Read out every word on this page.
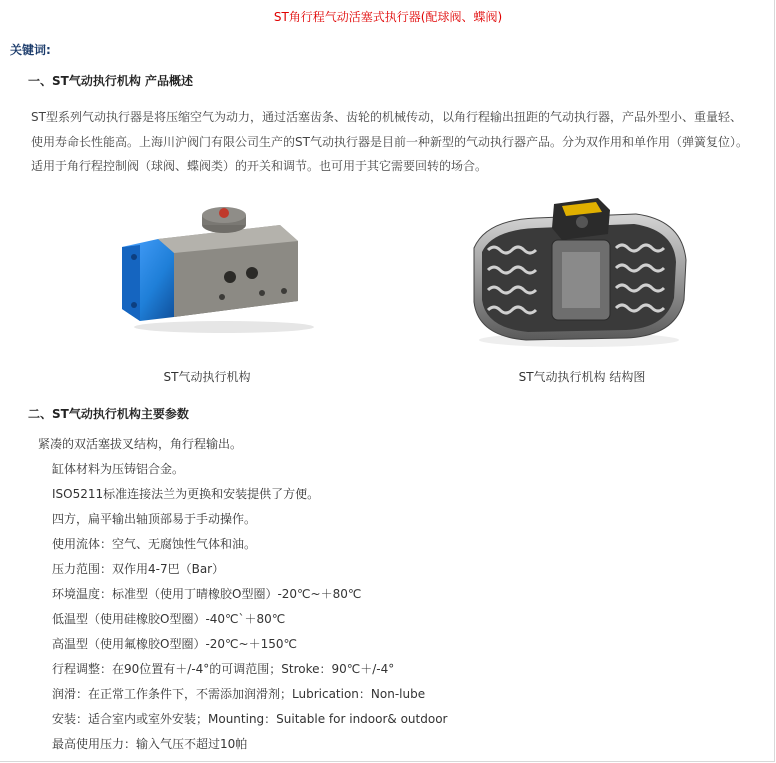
ST角行程气动活塞式执行器(配球阀、蝶阀)
关键词:
一、ST气动执行机构 产品概述
ST型系列气动执行器是将压缩空气为动力，通过活塞齿条、齿轮的机械传动，以角行程输出扭距的气动执行器，产品外型小、重量轻、使用寿命长性能高。上海川沪阀门有限公司生产的ST气动执行器是目前一种新型的气动执行器产品。分为双作用和单作用（弹簧复位）。适用于角行程控制阀（球阀、蝶阀类）的开关和调节。也可用于其它需要回转的场合。
ST气动执行机构	ST气动执行机构 结构图
二、ST气动执行机构主要参数
紧凑的双活塞拔叉结构，角行程输出。
缸体材料为压铸铝合金。
ISO5211标准连接法兰为更换和安装提供了方便。
四方，扁平输出轴顶部易于手动操作。
使用流体：空气、无腐蚀性气体和油。
压力范围：双作用4-7巴（Bar）
环境温度：标准型（使用丁晴橡胶O型圈）-20℃~＋80℃
低温型（使用硅橡胶O型圈）-40℃`＋80℃
高温型（使用氟橡胶O型圈）-20℃~＋150℃
行程调整：在90位置有＋/-4°的可调范围；Stroke：90℃＋/-4°
润滑：在正常工作条件下，不需添加润滑剂；Lubrication：Non-lube
安装：适合室内或室外安装；Mounting：Suitable for indoor& outdoor
最高使用压力：输入气压不超过10帕
